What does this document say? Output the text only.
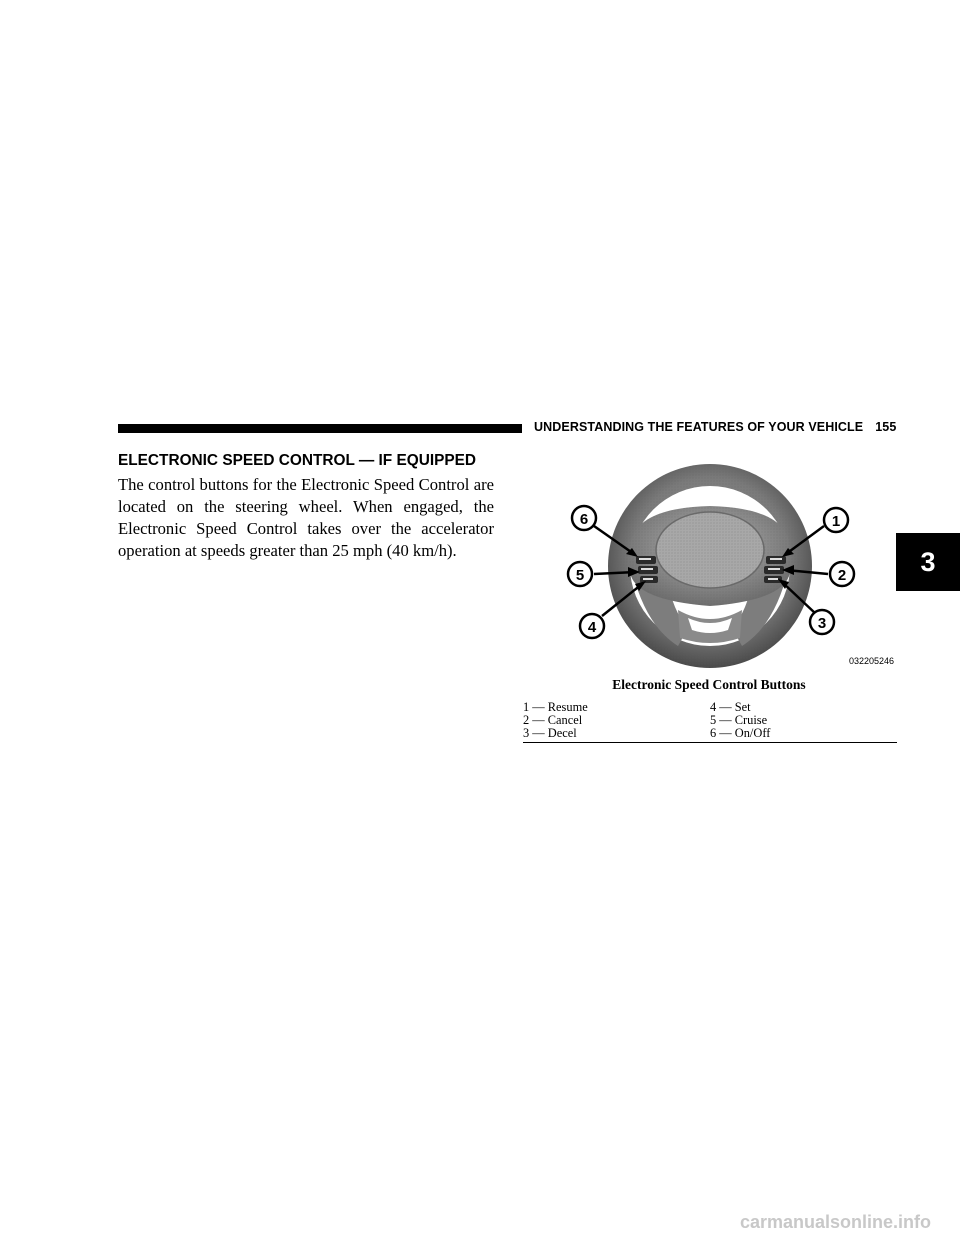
UNDERSTANDING THE FEATURES OF YOUR VEHICLE 155
3
ELECTRONIC SPEED CONTROL — IF EQUIPPED

The control buttons for the Electronic Speed Control are located on the steering wheel. When engaged, the Electronic Speed Control takes over the accelerator operation at speeds greater than 25 mph (40 km/h).

6
5
4
1
2
3
032205246

Electronic Speed Control Buttons

1 — Resume	4 — Set
2 — Cancel	5 — Cruise
3 — Decel	6 — On/Off
carmanualsonline.info
